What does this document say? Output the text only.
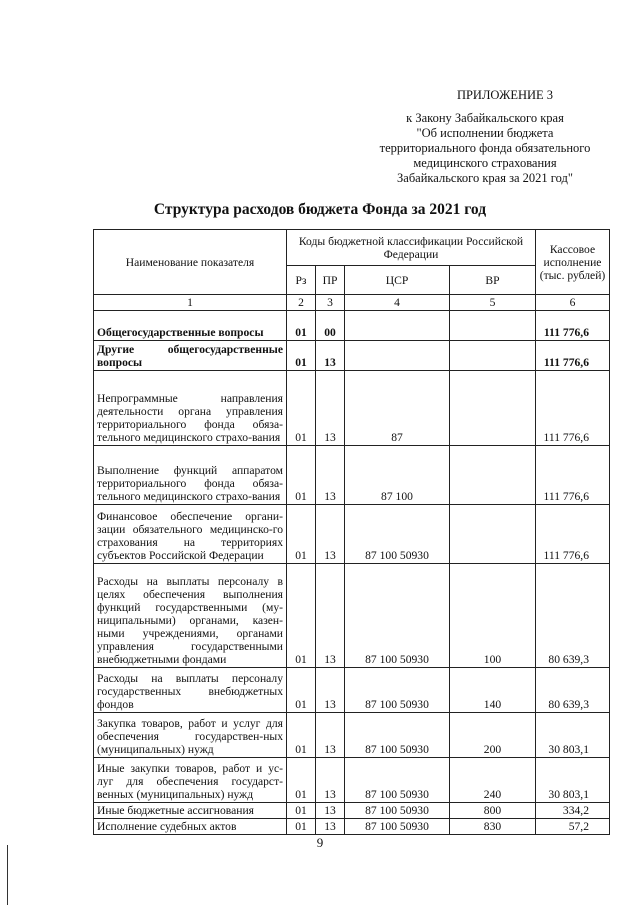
ПРИЛОЖЕНИЕ 3
к Закону Забайкальского края
"Об исполнении бюджета
территориального фонда обязательного
медицинского страхования
Забайкальского края за 2021 год"
Структура расходов бюджета Фонда за 2021 год
Наименование показателя	Коды бюджетной классификации Российской Федерации				Кассовое исполнение (тыс. рублей)
	Рз	ПР	ЦСР	ВР	
1	2	3	4	5	6
Общегосударственные вопросы	01	00			111 776,6
Другие общегосударственные вопросы	01	13			111 776,6
Непрограммные направления деятельности органа управления территориального фонда обяза-тельного медицинского страхо-вания	01	13	87		111 776,6
Выполнение функций аппаратом территориального фонда обяза-тельного медицинского страхо-вания	01	13	87 100		111 776,6
Финансовое обеспечение органи-зации обязательного медицинско-го страхования на территориях субъектов Российской Федерации	01	13	87 100 50930		111 776,6
Расходы на выплаты персоналу в целях обеспечения выполнения функций государственными (му-ниципальными) органами, казен-ными учреждениями, органами управления государственными внебюджетными фондами	01	13	87 100 50930	100	80 639,3
Расходы на выплаты персоналу государственных внебюджетных фондов	01	13	87 100 50930	140	80 639,3
Закупка товаров, работ и услуг для обеспечения государствен-ных (муниципальных) нужд	01	13	87 100 50930	200	30 803,1
Иные закупки товаров, работ и ус-луг для обеспечения государст-венных (муниципальных) нужд	01	13	87 100 50930	240	30 803,1
Иные бюджетные ассигнования	01	13	87 100 50930	800	334,2
Исполнение судебных актов	01	13	87 100 50930	830	57,2
9
